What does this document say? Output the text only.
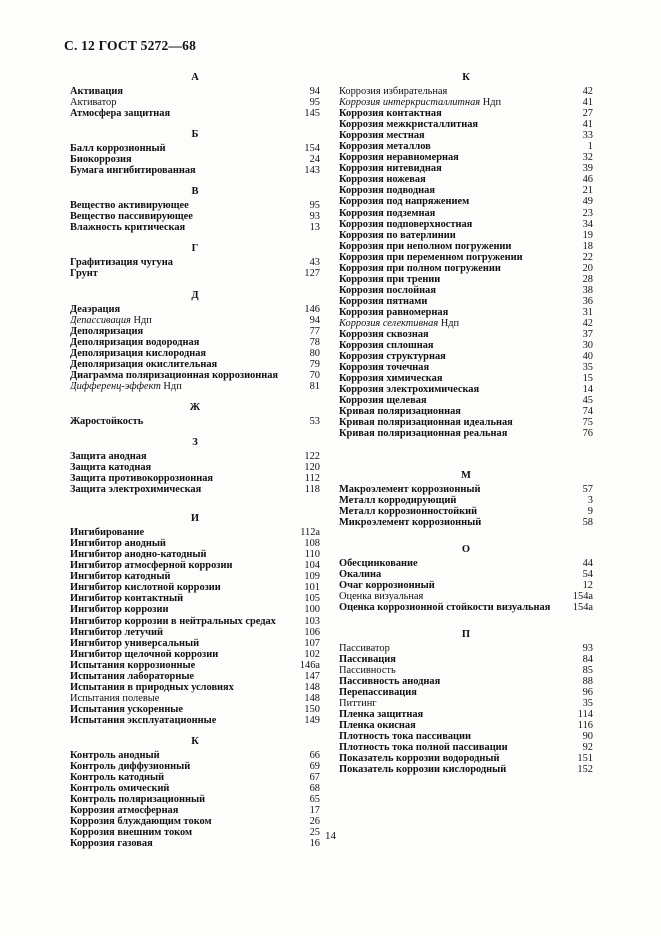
С. 12 ГОСТ 5272—68
А
Активация	94
Активатор	95
Атмосфера защитная	145
Б
Балл коррозионный	154
Биокоррозия	24
Бумага ингибитированная	143
В
Вещество активирующее	95
Вещество пассивирующее	93
Влажность критическая	13
Г
Графитизация чугуна	43
Грунт	127
Д
Деаэрация	146
Депассивация Ндп	94
Деполяризация	77
Деполяризация водородная	78
Деполяризация кислородная	80
Деполяризация окислительная	79
Диаграмма поляризационная коррозионная	70
Дифференц-эффект Ндп	81
Ж
Жаростойкость	53
З
Защита анодная	122
Защита катодная	120
Защита противокоррозионная	112
Защита электрохимическая	118
И
Ингибирование	112а
Ингибитор анодный	108
Ингибитор анодно-катодный	110
Ингибитор атмосферной коррозии	104
Ингибитор катодный	109
Ингибитор кислотной коррозии	101
Ингибитор контактный	105
Ингибитор коррозии	100
Ингибитор коррозии в нейтральных средах	103
Ингибитор летучий	106
Ингибитор универсальный	107
Ингибитор щелочной коррозии	102
Испытания коррозионные	146а
Испытания лабораторные	147
Испытания в природных условиях	148
Испытания полевые	148
Испытания ускоренные	150
Испытания эксплуатационные	149
К
Контроль анодный	66
Контроль диффузионный	69
Контроль катодный	67
Контроль омический	68
Контроль поляризационный	65
Коррозия атмосферная	17
Коррозия блуждающим током	26
Коррозия внешним током	25
Коррозия газовая	16
К
Коррозия избирательная	42
Коррозия интеркристаллитная Ндп	41
Коррозия контактная	27
Коррозия межкристаллитная	41
Коррозия местная	33
Коррозия металлов	1
Коррозия неравномерная	32
Коррозия нитевидная	39
Коррозия ножевая	46
Коррозия подводная	21
Коррозия под напряжением	49
Коррозия подземная	23
Коррозия подповерхностная	34
Коррозия по ватерлинии	19
Коррозия при неполном погружении	18
Коррозия при переменном погружении	22
Коррозия при полном погружении	20
Коррозия при трении	28
Коррозия послойная	38
Коррозия пятнами	36
Коррозия равномерная	31
Коррозия селективная Ндп	42
Коррозия сквозная	37
Коррозия сплошная	30
Коррозия структурная	40
Коррозия точечная	35
Коррозия химическая	15
Коррозия электрохимическая	14
Коррозия щелевая	45
Кривая поляризационная	74
Кривая поляризационная идеальная	75
Кривая поляризационная реальная	76
М
Макроэлемент коррозионный	57
Металл корродирующий	3
Металл коррозионностойкий	9
Микроэлемент коррозионный	58
О
Обесцинкование	44
Окалина	54
Очаг коррозионный	12
Оценка визуальная	154а
Оценка коррозионной стойкости визуальная	154а
П
Пассиватор	93
Пассивация	84
Пассивность	85
Пассивность анодная	88
Перепассивация	96
Питтинг	35
Пленка защитная	114
Пленка окисная	116
Плотность тока пассивации	90
Плотность тока полной пассивации	92
Показатель коррозии водородный	151
Показатель коррозии кислородный	152
14
